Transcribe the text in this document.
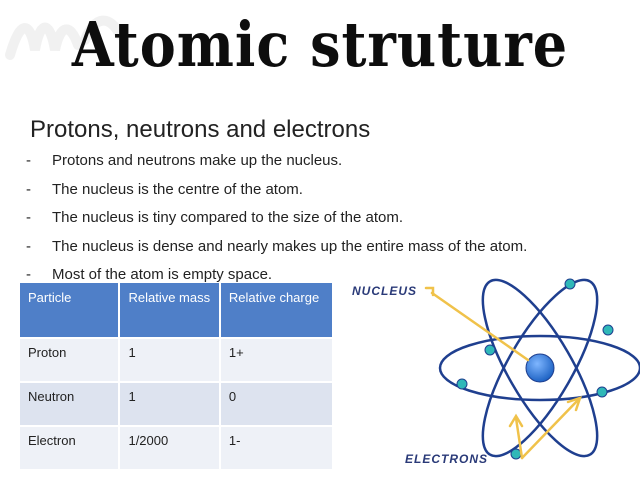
Atomic struture
Protons, neutrons and electrons
- Protons and neutrons make up the nucleus.
- The nucleus is the centre of the atom.
- The nucleus is tiny compared to the size of the atom.
- The nucleus is dense and nearly makes up the entire mass of the atom.
- Most of the atom is empty space.
Particle	Relative mass	Relative charge
Proton	1	1+
Neutron	1	0
Electron	1/2000	1-
NUCLEUS
ELECTRONS
